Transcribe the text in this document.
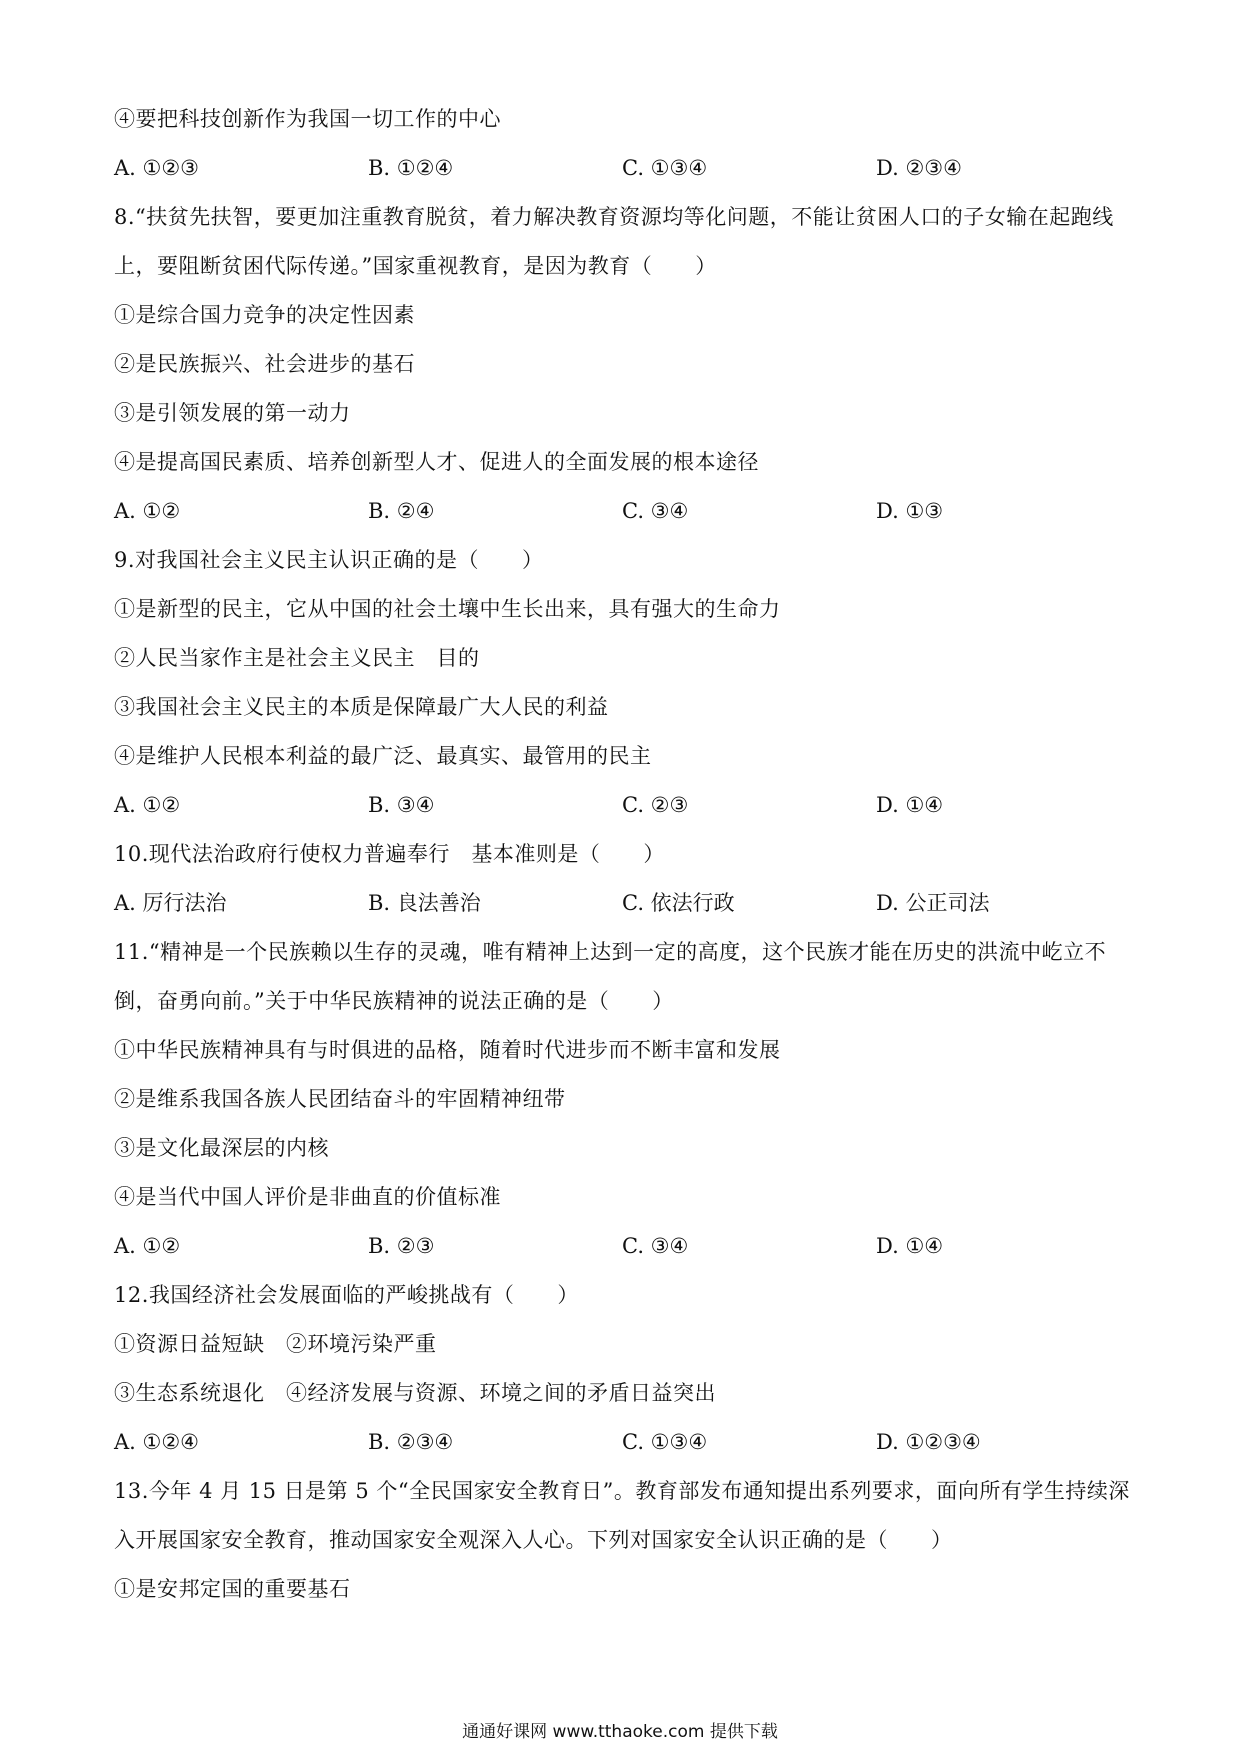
④要把科技创新作为我国一切工作的中心
A. ①②③	B. ①②④	C. ①③④	D. ②③④
8.“扶贫先扶智，要更加注重教育脱贫，着力解决教育资源均等化问题，不能让贫困人口的子女输在起跑线
上，要阻断贫困代际传递。”国家重视教育，是因为教育（　　）
①是综合国力竞争的决定性因素
②是民族振兴、社会进步的基石
③是引领发展的第一动力
④是提高国民素质、培养创新型人才、促进人的全面发展的根本途径
A. ①②	B. ②④	C. ③④	D. ①③
9.对我国社会主义民主认识正确的是（　　）
①是新型的民主，它从中国的社会土壤中生长出来，具有强大的生命力
②人民当家作主是社会主义民主　目的
③我国社会主义民主的本质是保障最广大人民的利益
④是维护人民根本利益的最广泛、最真实、最管用的民主
A. ①②	B. ③④	C. ②③	D. ①④
10.现代法治政府行使权力普遍奉行　基本准则是（　　）
A. 厉行法治	B. 良法善治	C. 依法行政	D. 公正司法
11.“精神是一个民族赖以生存的灵魂，唯有精神上达到一定的高度，这个民族才能在历史的洪流中屹立不
倒，奋勇向前。”关于中华民族精神的说法正确的是（　　）
①中华民族精神具有与时俱进的品格，随着时代进步而不断丰富和发展
②是维系我国各族人民团结奋斗的牢固精神纽带
③是文化最深层的内核
④是当代中国人评价是非曲直的价值标准
A. ①②	B. ②③	C. ③④	D. ①④
12.我国经济社会发展面临的严峻挑战有（　　）
①资源日益短缺　②环境污染严重
③生态系统退化　④经济发展与资源、环境之间的矛盾日益突出
A. ①②④	B. ②③④	C. ①③④	D. ①②③④
13.今年 4 月 15 日是第 5 个“全民国家安全教育日”。教育部发布通知提出系列要求，面向所有学生持续深
入开展国家安全教育，推动国家安全观深入人心。下列对国家安全认识正确的是（　　）
①是安邦定国的重要基石
通通好课网 www.tthaoke.com 提供下载
